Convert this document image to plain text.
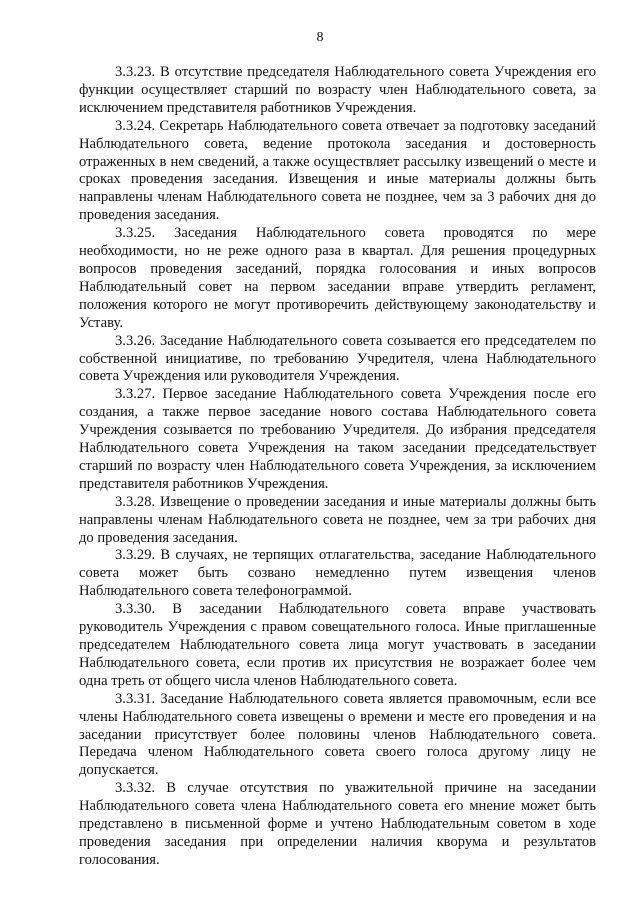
8

3.3.23. В отсутствие председателя Наблюдательного совета Учреждения его функции осуществляет старший по возрасту член Наблюдательного совета, за исключением представителя работников Учреждения.

3.3.24. Секретарь Наблюдательного совета отвечает за подготовку заседаний Наблюдательного совета, ведение протокола заседания и достоверность отраженных в нем сведений, а также осуществляет рассылку извещений о месте и сроках проведения заседания. Извещения и иные материалы должны быть направлены членам Наблюдательного совета не позднее, чем за 3 рабочих дня до проведения заседания.

3.3.25. Заседания Наблюдательного совета проводятся по мере необходимости, но не реже одного раза в квартал. Для решения процедурных вопросов проведения заседаний, порядка голосования и иных вопросов Наблюдательный совет на первом заседании вправе утвердить регламент, положения которого не могут противоречить действующему законодательству и Уставу.

3.3.26. Заседание Наблюдательного совета созывается его председателем по собственной инициативе, по требованию Учредителя, члена Наблюдательного совета Учреждения или руководителя Учреждения.

3.3.27. Первое заседание Наблюдательного совета Учреждения после его создания, а также первое заседание нового состава Наблюдательного совета Учреждения созывается по требованию Учредителя. До избрания председателя Наблюдательного совета Учреждения на таком заседании председательствует старший по возрасту член Наблюдательного совета Учреждения, за исключением представителя работников Учреждения.

3.3.28. Извещение о проведении заседания и иные материалы должны быть направлены членам Наблюдательного совета не позднее, чем за три рабочих дня до проведения заседания.

3.3.29. В случаях, не терпящих отлагательства, заседание Наблюдательного совета может быть созвано немедленно путем извещения членов Наблюдательного совета телефонограммой.

3.3.30. В заседании Наблюдательного совета вправе участвовать руководитель Учреждения с правом совещательного голоса. Иные приглашенные председателем Наблюдательного совета лица могут участвовать в заседании Наблюдательного совета, если против их присутствия не возражает более чем одна треть от общего числа членов Наблюдательного совета.

3.3.31. Заседание Наблюдательного совета является правомочным, если все члены Наблюдательного совета извещены о времени и месте его проведения и на заседании присутствует более половины членов Наблюдательного совета. Передача членом Наблюдательного совета своего голоса другому лицу не допускается.

3.3.32. В случае отсутствия по уважительной причине на заседании Наблюдательного совета члена Наблюдательного совета его мнение может быть представлено в письменной форме и учтено Наблюдательным советом в ходе проведения заседания при определении наличия кворума и результатов голосования.
